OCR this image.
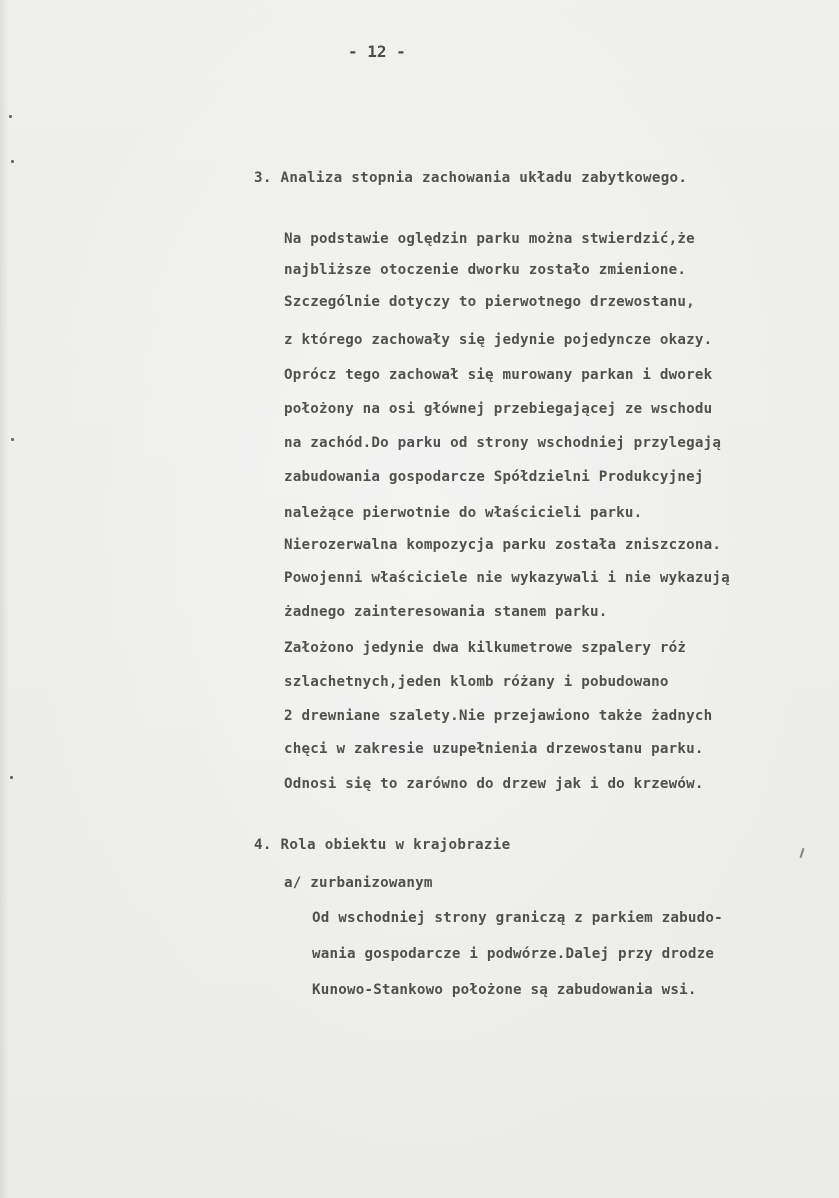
- 12 -
3. Analiza stopnia zachowania układu zabytkowego.
Na podstawie oględzin parku można stwierdzić,że
najbliższe otoczenie dworku zostało zmienione.
Szczególnie dotyczy to pierwotnego drzewostanu,
z którego zachowały się jedynie pojedyncze okazy.
Oprócz tego zachował się murowany parkan i dworek
położony na osi głównej przebiegającej ze wschodu
na zachód.Do parku od strony wschodniej przylegają
zabudowania gospodarcze Spółdzielni Produkcyjnej
należące pierwotnie do właścicieli parku.
Nierozerwalna kompozycja parku została zniszczona.
Powojenni właściciele nie wykazywali i nie wykazują
żadnego zainteresowania stanem parku.
Założono jedynie dwa kilkumetrowe szpalery róż
szlachetnych,jeden klomb różany i pobudowano
2 drewniane szalety.Nie przejawiono także żadnych
chęci w zakresie uzupełnienia drzewostanu parku.
Odnosi się to zarówno do drzew jak i do krzewów.
4. Rola obiektu w krajobrazie
a/ zurbanizowanym
Od wschodniej strony graniczą z parkiem zabudo-
wania gospodarcze i podwórze.Dalej przy drodze
Kunowo-Stankowo położone są zabudowania wsi.
